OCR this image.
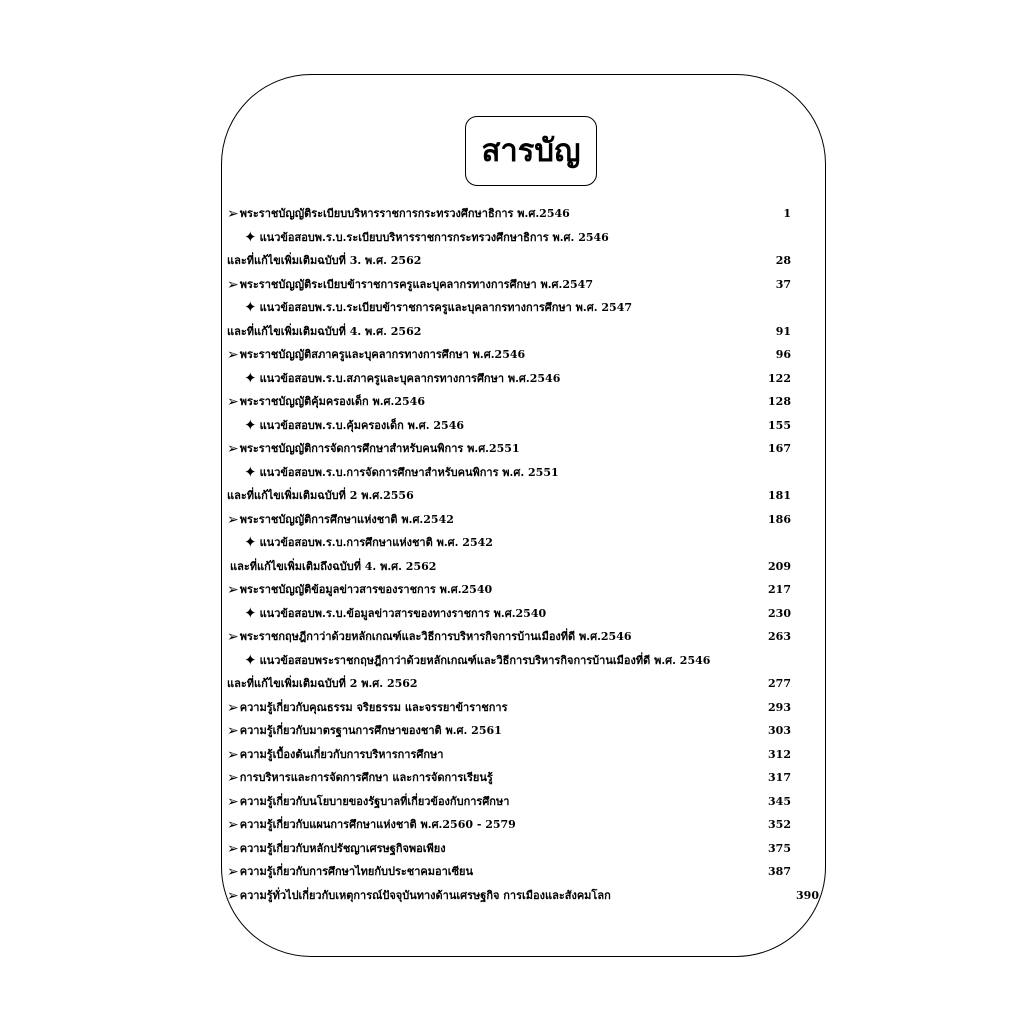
สารบัญ
➢พระราชบัญญัติระเบียบบริหารราชการกระทรวงศึกษาธิการ พ.ศ.2546	1
✦ แนวข้อสอบพ.ร.บ.ระเบียบบริหารราชการกระทรวงศึกษาธิการ พ.ศ. 2546
และที่แก้ไขเพิ่มเติมฉบับที่ 3. พ.ศ. 2562	28
➢พระราชบัญญัติระเบียบข้าราชการครูและบุคลากรทางการศึกษา พ.ศ.2547	37
✦ แนวข้อสอบพ.ร.บ.ระเบียบข้าราชการครูและบุคลากรทางการศึกษา พ.ศ. 2547
และที่แก้ไขเพิ่มเติมฉบับที่ 4. พ.ศ. 2562	91
➢พระราชบัญญัติสภาครูและบุคลากรทางการศึกษา พ.ศ.2546	96
✦ แนวข้อสอบพ.ร.บ.สภาครูและบุคลากรทางการศึกษา พ.ศ.2546	122
➢พระราชบัญญัติคุ้มครองเด็ก พ.ศ.2546	128
✦ แนวข้อสอบพ.ร.บ.คุ้มครองเด็ก พ.ศ. 2546	155
➢พระราชบัญญัติการจัดการศึกษาสำหรับคนพิการ พ.ศ.2551	167
✦ แนวข้อสอบพ.ร.บ.การจัดการศึกษาสำหรับคนพิการ พ.ศ. 2551
และที่แก้ไขเพิ่มเติมฉบับที่ 2 พ.ศ.2556	181
➢พระราชบัญญัติการศึกษาแห่งชาติ พ.ศ.2542	186
✦ แนวข้อสอบพ.ร.บ.การศึกษาแห่งชาติ พ.ศ. 2542
และที่แก้ไขเพิ่มเติมถึงฉบับที่ 4. พ.ศ. 2562	209
➢พระราชบัญญัติข้อมูลข่าวสารของราชการ พ.ศ.2540	217
✦ แนวข้อสอบพ.ร.บ.ข้อมูลข่าวสารของทางราชการ พ.ศ.2540	230
➢พระราชกฤษฎีกาว่าด้วยหลักเกณฑ์และวิธีการบริหารกิจการบ้านเมืองที่ดี พ.ศ.2546	263
✦ แนวข้อสอบพระราชกฤษฎีกาว่าด้วยหลักเกณฑ์และวิธีการบริหารกิจการบ้านเมืองที่ดี พ.ศ. 2546
และที่แก้ไขเพิ่มเติมฉบับที่ 2 พ.ศ. 2562	277
➢ความรู้เกี่ยวกับคุณธรรม จริยธรรม และจรรยาข้าราชการ	293
➢ความรู้เกี่ยวกับมาตรฐานการศึกษาของชาติ พ.ศ. 2561	303
➢ความรู้เบื้องต้นเกี่ยวกับการบริหารการศึกษา	312
➢การบริหารและการจัดการศึกษา และการจัดการเรียนรู้	317
➢ความรู้เกี่ยวกับนโยบายของรัฐบาลที่เกี่ยวข้องกับการศึกษา	345
➢ความรู้เกี่ยวกับแผนการศึกษาแห่งชาติ พ.ศ.2560 - 2579	352
➢ความรู้เกี่ยวกับหลักปรัชญาเศรษฐกิจพอเพียง	375
➢ความรู้เกี่ยวกับการศึกษาไทยกับประชาคมอาเซียน	387
➢ความรู้ทั่วไปเกี่ยวกับเหตุการณ์ปัจจุบันทางด้านเศรษฐกิจ การเมืองและสังคมโลก	390
